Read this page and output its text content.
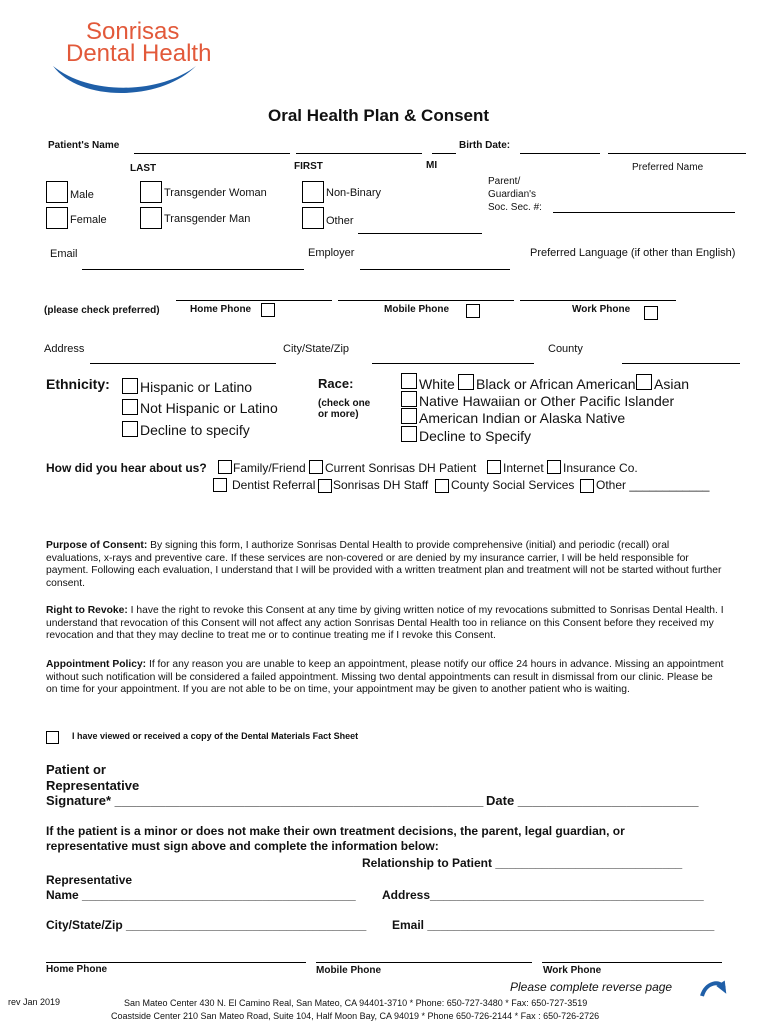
Sonrisas
Dental Health
Oral Health Plan & Consent
Patient's Name	Birth Date:
LAST	FIRST	MI	Preferred Name
Male
Female
Transgender Woman
Transgender Man
Non-Binary
Other
Parent/
Guardian's
Soc. Sec. #:
Email	Employer	Preferred Language (if other than English)
(please check preferred)	Home Phone	Mobile Phone	Work Phone
Address	City/State/Zip	County
Ethnicity: Hispanic or Latino
Not Hispanic or Latino
Decline to specify
Race:
(check one
or more)
White Black or African American Asian
Native Hawaiian or Other Pacific Islander
American Indian or Alaska Native
Decline to Specify
How did you hear about us? Family/Friend Current Sonrisas DH Patient Internet Insurance Co.
Dentist Referral Sonrisas DH Staff County Social Services Other ____________
Purpose of Consent: By signing this form, I authorize Sonrisas Dental Health to provide comprehensive (initial) and periodic (recall) oral evaluations, x-rays and preventive care. If these services are non-covered or are denied by my insurance carrier, I will be held responsible for payment. Following each evaluation, I understand that I will be provided with a written treatment plan and treatment will not be started without further consent.
Right to Revoke: I have the right to revoke this Consent at any time by giving written notice of my revocations submitted to Sonrisas Dental Health. I understand that revocation of this Consent will not affect any action Sonrisas Dental Health too in reliance on this Consent before they received my revocation and that they may decline to treat me or to continue treating me if I revoke this Consent.
Appointment Policy: If for any reason you are unable to keep an appointment, please notify our office 24 hours in advance. Missing an appointment without such notification will be considered a failed appointment. Missing two dental appointments can result in dismissal from our clinic. Please be on time for your appointment. If you are not able to be on time, your appointment may be given to another patient who is waiting.
I have viewed or received a copy of the Dental Materials Fact Sheet
Patient or
Representative
Signature* ___________________________________________________ Date _________________________
If the patient is a minor or does not make their own treatment decisions, the parent, legal guardian, or
representative must sign above and complete the information below:
Relationship to Patient ____________________________
Representative
Name _________________________________________ Address_________________________________________
City/State/Zip ____________________________________ Email ___________________________________________
Home Phone	Mobile Phone	Work Phone
Please complete reverse page
rev Jan 2019	San Mateo Center 430 N. El Camino Real, San Mateo, CA 94401-3710 * Phone: 650-727-3480 * Fax: 650-727-3519
Coastside Center 210 San Mateo Road, Suite 104, Half Moon Bay, CA 94019 * Phone 650-726-2144 * Fax : 650-726-2726
